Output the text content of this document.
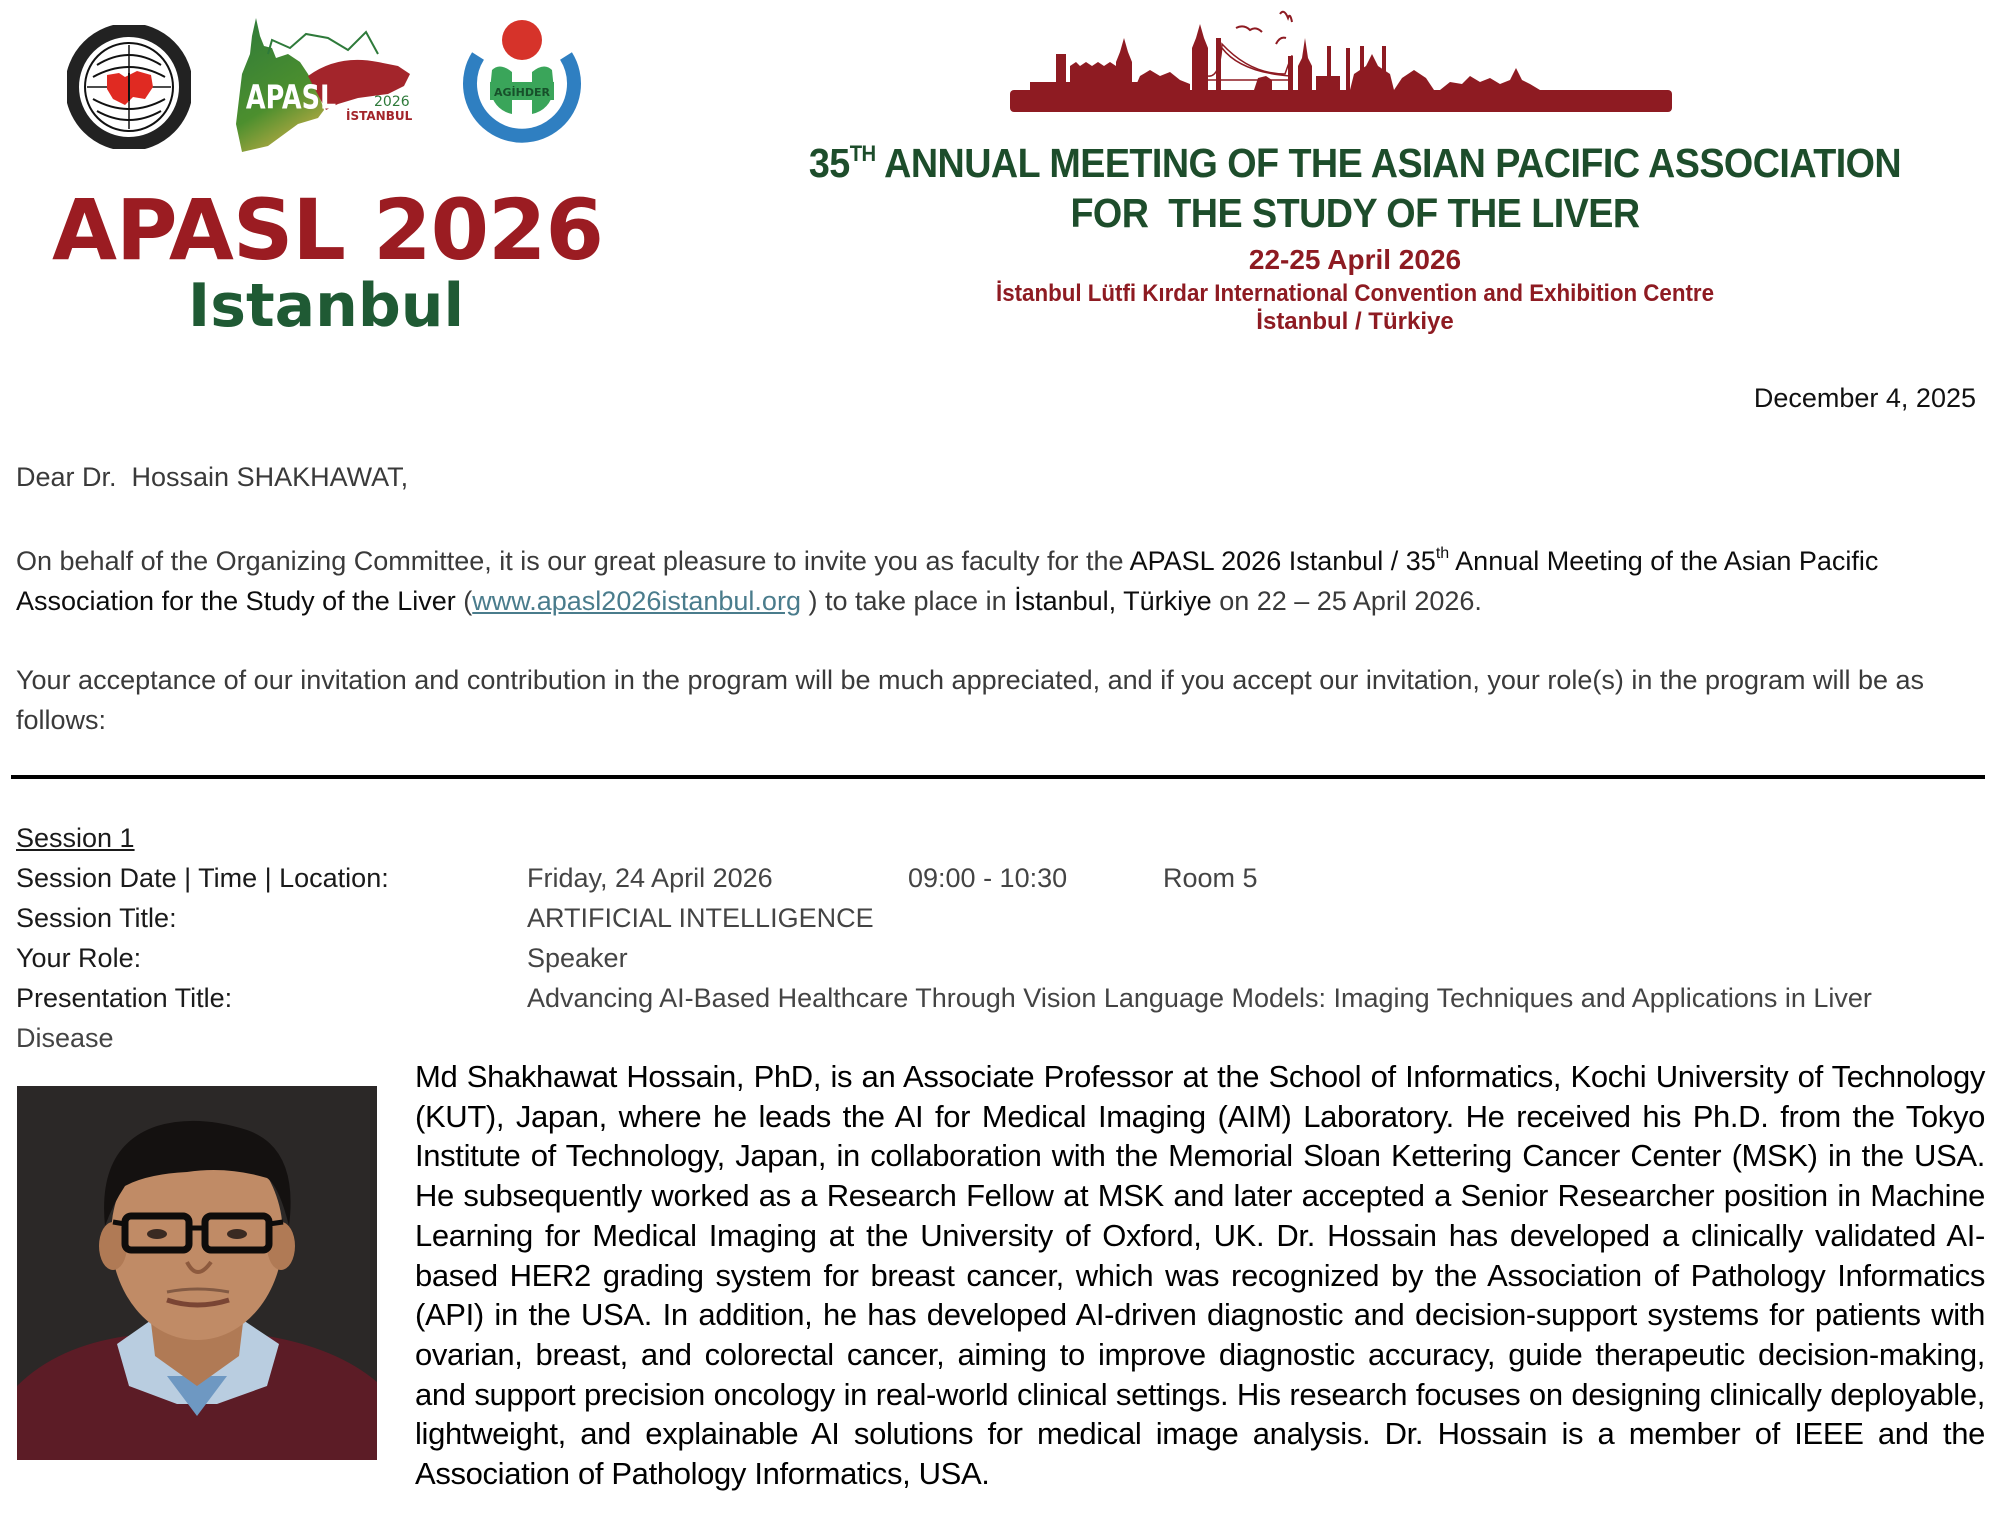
APASL	2026
İSTANBUL
AGİHDER
APASL 2026
Istanbul
35TH ANNUAL MEETING OF THE ASIAN PACIFIC ASSOCIATION
FOR  THE STUDY OF THE LIVER
22-25 April 2026
İstanbul Lütfi Kırdar International Convention and Exhibition Centre
İstanbul / Türkiye
December 4, 2025
Dear Dr.  Hossain SHAKHAWAT,
On behalf of the Organizing Committee, it is our great pleasure to invite you as faculty for the APASL 2026 Istanbul / 35th Annual Meeting of the Asian Pacific Association for the Study of the Liver (www.apasl2026istanbul.org ) to take place in İstanbul, Türkiye on 22 – 25 April 2026.
Your acceptance of our invitation and contribution in the program will be much appreciated, and if you accept our invitation, your role(s) in the program will be as follows:
Session 1
Session Date | Time | Location:	Friday, 24 April 2026	09:00 - 10:30	Room 5
Session Title:	ARTIFICIAL INTELLIGENCE
Your Role:	Speaker
Presentation Title:	Advancing AI-Based Healthcare Through Vision Language Models: Imaging Techniques and Applications in Liver
Disease
Md Shakhawat Hossain, PhD, is an Associate Professor at the School of Informatics, Kochi University of Technology (KUT), Japan, where he leads the AI for Medical Imaging (AIM) Laboratory. He received his Ph.D. from the Tokyo Institute of Technology, Japan, in collaboration with the Memorial Sloan Kettering Cancer Center (MSK) in the USA. He subsequently worked as a Research Fellow at MSK and later accepted a Senior Researcher position in Machine Learning for Medical Imaging at the University of Oxford, UK. Dr. Hossain has developed a clinically validated AI-based HER2 grading system for breast cancer, which was recognized by the Association of Pathology Informatics (API) in the USA. In addition, he has developed AI-driven diagnostic and decision-support systems for patients with ovarian, breast, and colorectal cancer, aiming to improve diagnostic accuracy, guide therapeutic decision-making, and support precision oncology in real-world clinical settings. His research focuses on designing clinically deployable, lightweight, and explainable AI solutions for medical image analysis. Dr. Hossain is a member of IEEE and the Association of Pathology Informatics, USA.
